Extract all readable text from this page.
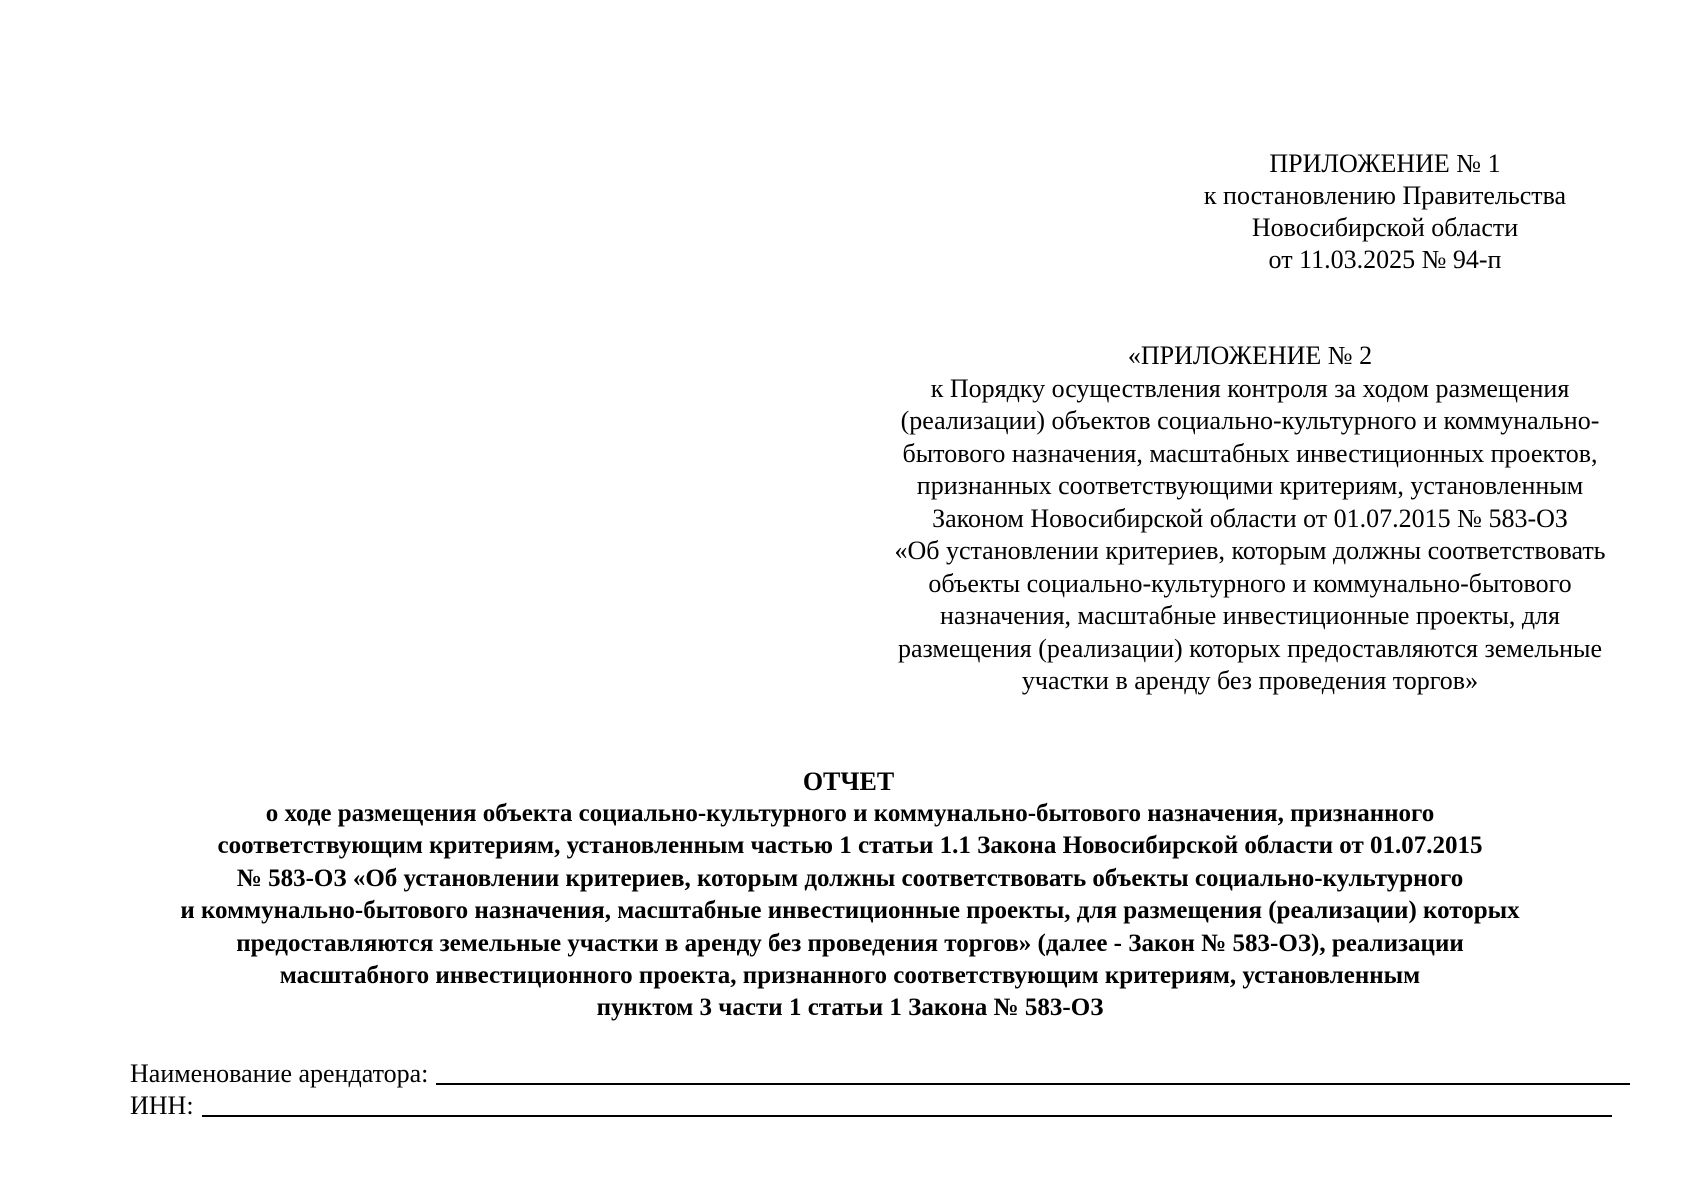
ПРИЛОЖЕНИЕ № 1
к постановлению Правительства
Новосибирской области
от 11.03.2025 № 94-п
«ПРИЛОЖЕНИЕ № 2
к Порядку осуществления контроля за ходом размещения
(реализации) объектов социально-культурного и коммунально-
бытового назначения, масштабных инвестиционных проектов,
признанных соответствующими критериям, установленным
Законом Новосибирской области от 01.07.2015 № 583-ОЗ
«Об установлении критериев, которым должны соответствовать
объекты социально-культурного и коммунально-бытового
назначения, масштабные инвестиционные проекты, для
размещения (реализации) которых предоставляются земельные
участки в аренду без проведения торгов»
ОТЧЕТ
о ходе размещения объекта социально-культурного и коммунально-бытового назначения, признанного
соответствующим критериям, установленным частью 1 статьи 1.1 Закона Новосибирской области от 01.07.2015
№ 583-ОЗ «Об установлении критериев, которым должны соответствовать объекты социально-культурного
и коммунально-бытового назначения, масштабные инвестиционные проекты, для размещения (реализации) которых
предоставляются земельные участки в аренду без проведения торгов» (далее - Закон № 583-ОЗ), реализации
масштабного инвестиционного проекта, признанного соответствующим критериям, установленным
пунктом 3 части 1 статьи 1 Закона № 583-ОЗ
Наименование арендатора:
ИНН:
